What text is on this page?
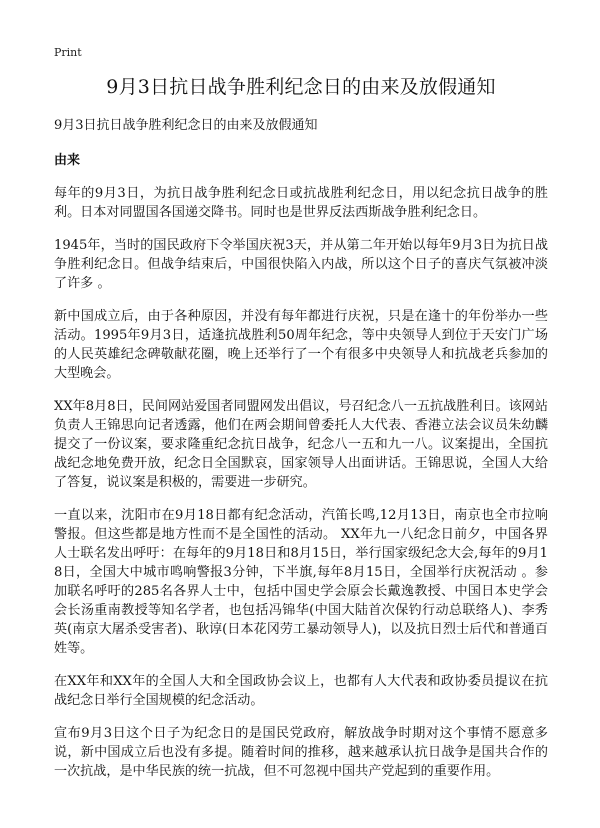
Print
9月3日抗日战争胜利纪念日的由来及放假通知
9月3日抗日战争胜利纪念日的由来及放假通知
由来

每年的9月3日，为抗日战争胜利纪念日或抗战胜利纪念日，用以纪念抗日战争的胜利。日本对同盟国各国递交降书。同时也是世界反法西斯战争胜利纪念日。

1945年，当时的国民政府下令举国庆祝3天，并从第二年开始以每年9月3日为抗日战争胜利纪念日。但战争结束后，中国很快陷入内战，所以这个日子的喜庆气氛被冲淡了许多 。

新中国成立后，由于各种原因，并没有每年都进行庆祝，只是在逢十的年份举办一些活动。1995年9月3日，适逢抗战胜利50周年纪念，等中央领导人到位于天安门广场的人民英雄纪念碑敬献花圈，晚上还举行了一个有很多中央领导人和抗战老兵参加的大型晚会。

XX年8月8日，民间网站爱国者同盟网发出倡议，号召纪念八一五抗战胜利日。该网站负责人王锦思向记者透露，他们在两会期间曾委托人大代表、香港立法会议员朱幼麟提交了一份议案，要求隆重纪念抗日战争，纪念八一五和九一八。议案提出，全国抗战纪念地免费开放，纪念日全国默哀，国家领导人出面讲话。王锦思说，全国人大给了答复，说议案是积极的，需要进一步研究。

一直以来，沈阳市在9月18日都有纪念活动，汽笛长鸣,12月13日，南京也全市拉响警报。但这些都是地方性而不是全国性的活动。 XX年九一八纪念日前夕，中国各界人士联名发出呼吁：在每年的9月18日和8月15日，举行国家级纪念大会,每年的9月18日，全国大中城市鸣响警报3分钟，下半旗,每年8月15日，全国举行庆祝活动 。参加联名呼吁的285名各界人士中，包括中国史学会原会长戴逸教授、中国日本史学会会长汤重南教授等知名学者，也包括冯锦华(中国大陆首次保钓行动总联络人)、李秀英(南京大屠杀受害者)、耿谆(日本花冈劳工暴动领导人)，以及抗日烈士后代和普通百姓等。

在XX年和XX年的全国人大和全国政协会议上，也都有人大代表和政协委员提议在抗战纪念日举行全国规模的纪念活动。

宣布9月3日这个日子为纪念日的是国民党政府，解放战争时期对这个事情不愿意多说，新中国成立后也没有多提。随着时间的推移，越来越承认抗日战争是国共合作的一次抗战，是中华民族的统一抗战，但不可忽视中国共产党起到的重要作用。
